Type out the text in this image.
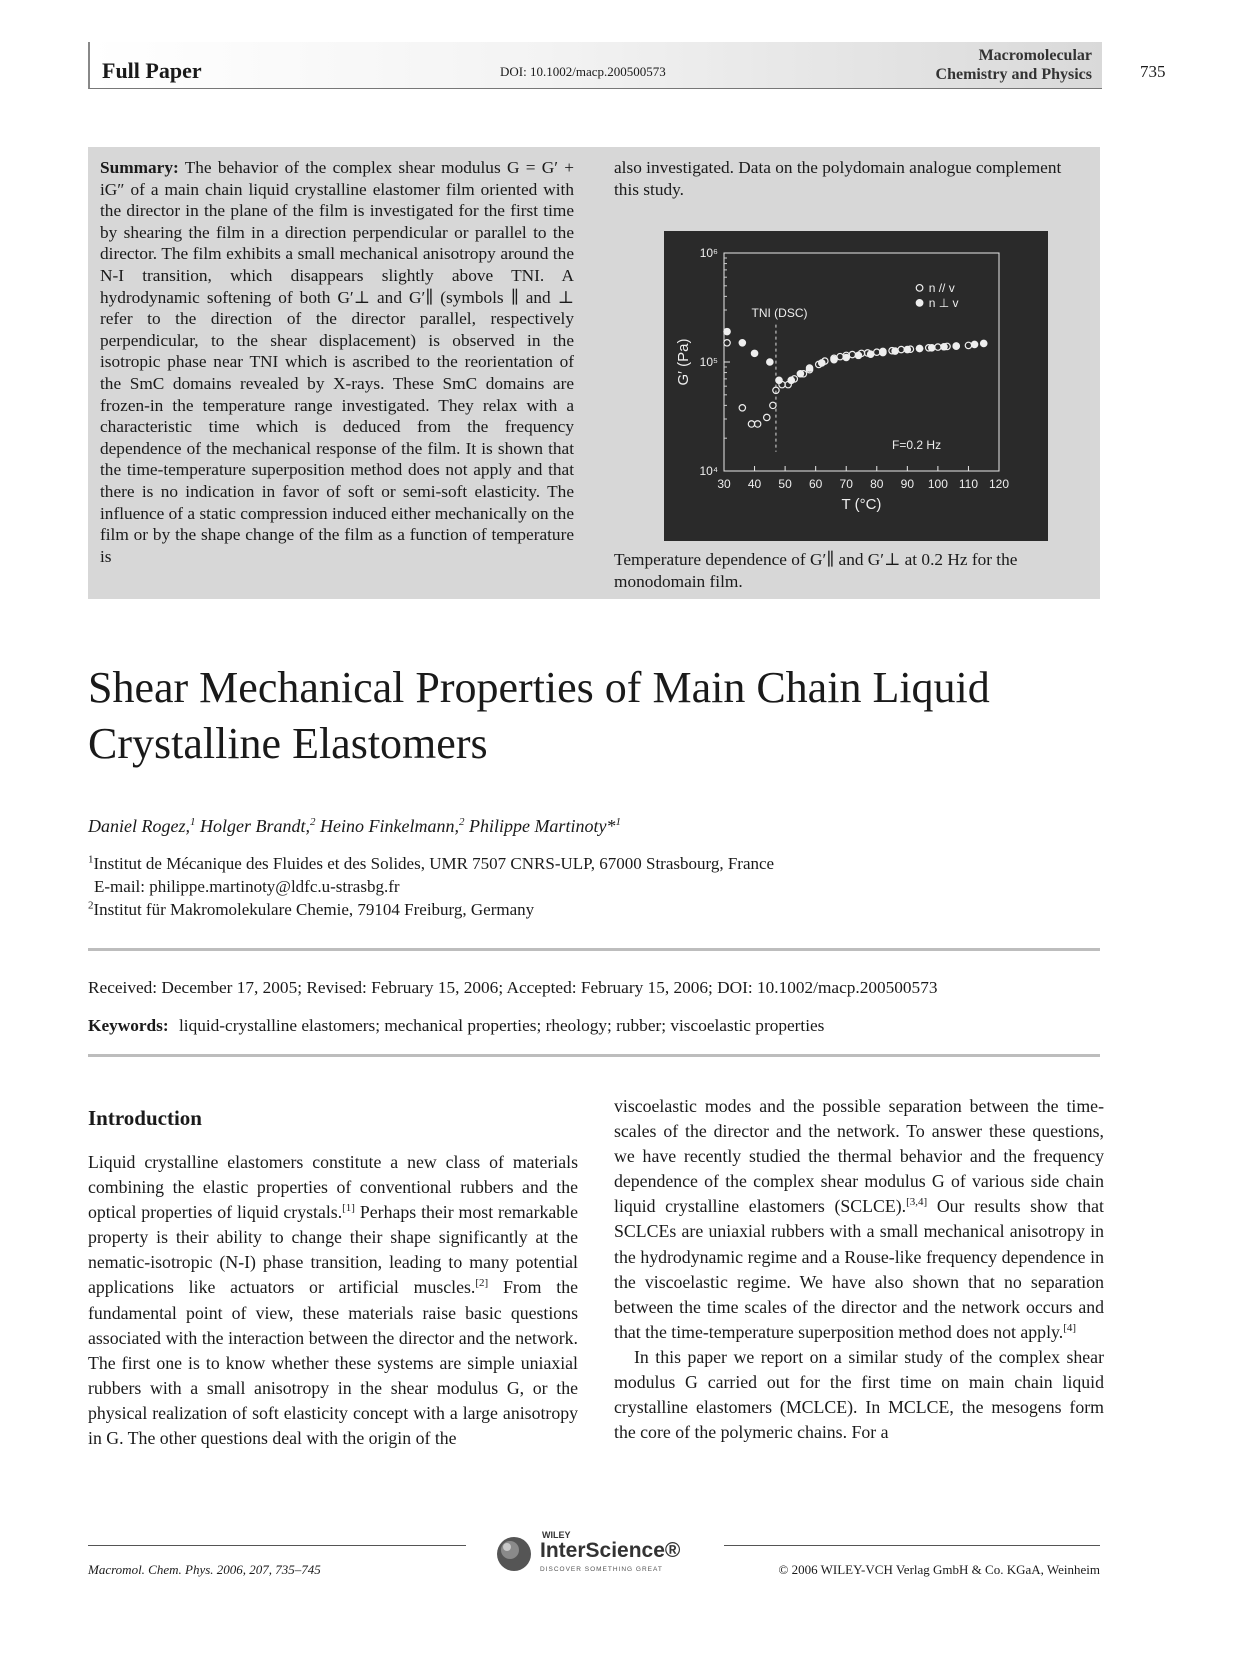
Full Paper	DOI: 10.1002/macp.200500573
Macromolecular
Chemistry and Physics	735
Summary: The behavior of the complex shear modulus G = G′ + iG″ of a main chain liquid crystalline elastomer film oriented with the director in the plane of the film is investigated for the first time by shearing the film in a direction perpendicular or parallel to the director. The film exhibits a small mechanical anisotropy around the N-I transition, which disappears slightly above TNI. A hydrodynamic softening of both G′⊥ and G′∥ (symbols ∥ and ⊥ refer to the direction of the director parallel, respectively perpendicular, to the shear displacement) is observed in the isotropic phase near TNI which is ascribed to the reorientation of the SmC domains revealed by X-rays. These SmC domains are frozen-in the temperature range investigated. They relax with a characteristic time which is deduced from the frequency dependence of the mechanical response of the film. It is shown that the time-temperature superposition method does not apply and that there is no indication in favor of soft or semi-soft elasticity. The influence of a static compression induced either mechanically on the film or by the shape change of the film as a function of temperature is
also investigated. Data on the polydomain analogue complement this study.
30 40 50 60 70 80 90 100 110 120
10⁴
10⁵
10⁶
T (°C)
G′ (Pa)
TNI (DSC)
F=0.2 Hz
n // v
n ⊥ v
Temperature dependence of G′∥ and G′⊥ at 0.2 Hz for the monodomain film.
Shear Mechanical Properties of Main Chain Liquid
Crystalline Elastomers
Daniel Rogez,$^1$ Holger Brandt,$^2$ Heino Finkelmann,$^2$ Philippe Martinoty*$^1$
$^1$Institut de Mécanique des Fluides et des Solides, UMR 7507 CNRS-ULP, 67000 Strasbourg, France
E-mail: philippe.martinoty@ldfc.u-strasbg.fr
$^2$Institut für Makromolekulare Chemie, 79104 Freiburg, Germany
Received: December 17, 2005; Revised: February 15, 2006; Accepted: February 15, 2006; DOI: 10.1002/macp.200500573
Keywords: liquid-crystalline elastomers; mechanical properties; rheology; rubber; viscoelastic properties
Introduction

Liquid crystalline elastomers constitute a new class of materials combining the elastic properties of conventional rubbers and the optical properties of liquid crystals.[1] Perhaps their most remarkable property is their ability to change their shape significantly at the nematic-isotropic (N-I) phase transition, leading to many potential applications like actuators or artificial muscles.[2] From the fundamental point of view, these materials raise basic questions associated with the interaction between the director and the network. The first one is to know whether these systems are simple uniaxial rubbers with a small anisotropy in the shear modulus G, or the physical realization of soft elasticity concept with a large anisotropy in G. The other questions deal with the origin of the

viscoelastic modes and the possible separation between the time-scales of the director and the network. To answer these questions, we have recently studied the thermal behavior and the frequency dependence of the complex shear modulus G of various side chain liquid crystalline elastomers (SCLCE).[3,4] Our results show that SCLCEs are uniaxial rubbers with a small mechanical anisotropy in the hydrodynamic regime and a Rouse-like frequency dependence in the viscoelastic regime. We have also shown that no separation between the time scales of the director and the network occurs and that the time-temperature superposition method does not apply.[4]

In this paper we report on a similar study of the complex shear modulus G carried out for the first time on main chain liquid crystalline elastomers (MCLCE). In MCLCE, the mesogens form the core of the polymeric chains. For a

Macromol. Chem. Phys. 2006, 207, 735–745
WILEY
InterScience®
DISCOVER SOMETHING GREAT	© 2006 WILEY-VCH Verlag GmbH & Co. KGaA, Weinheim
